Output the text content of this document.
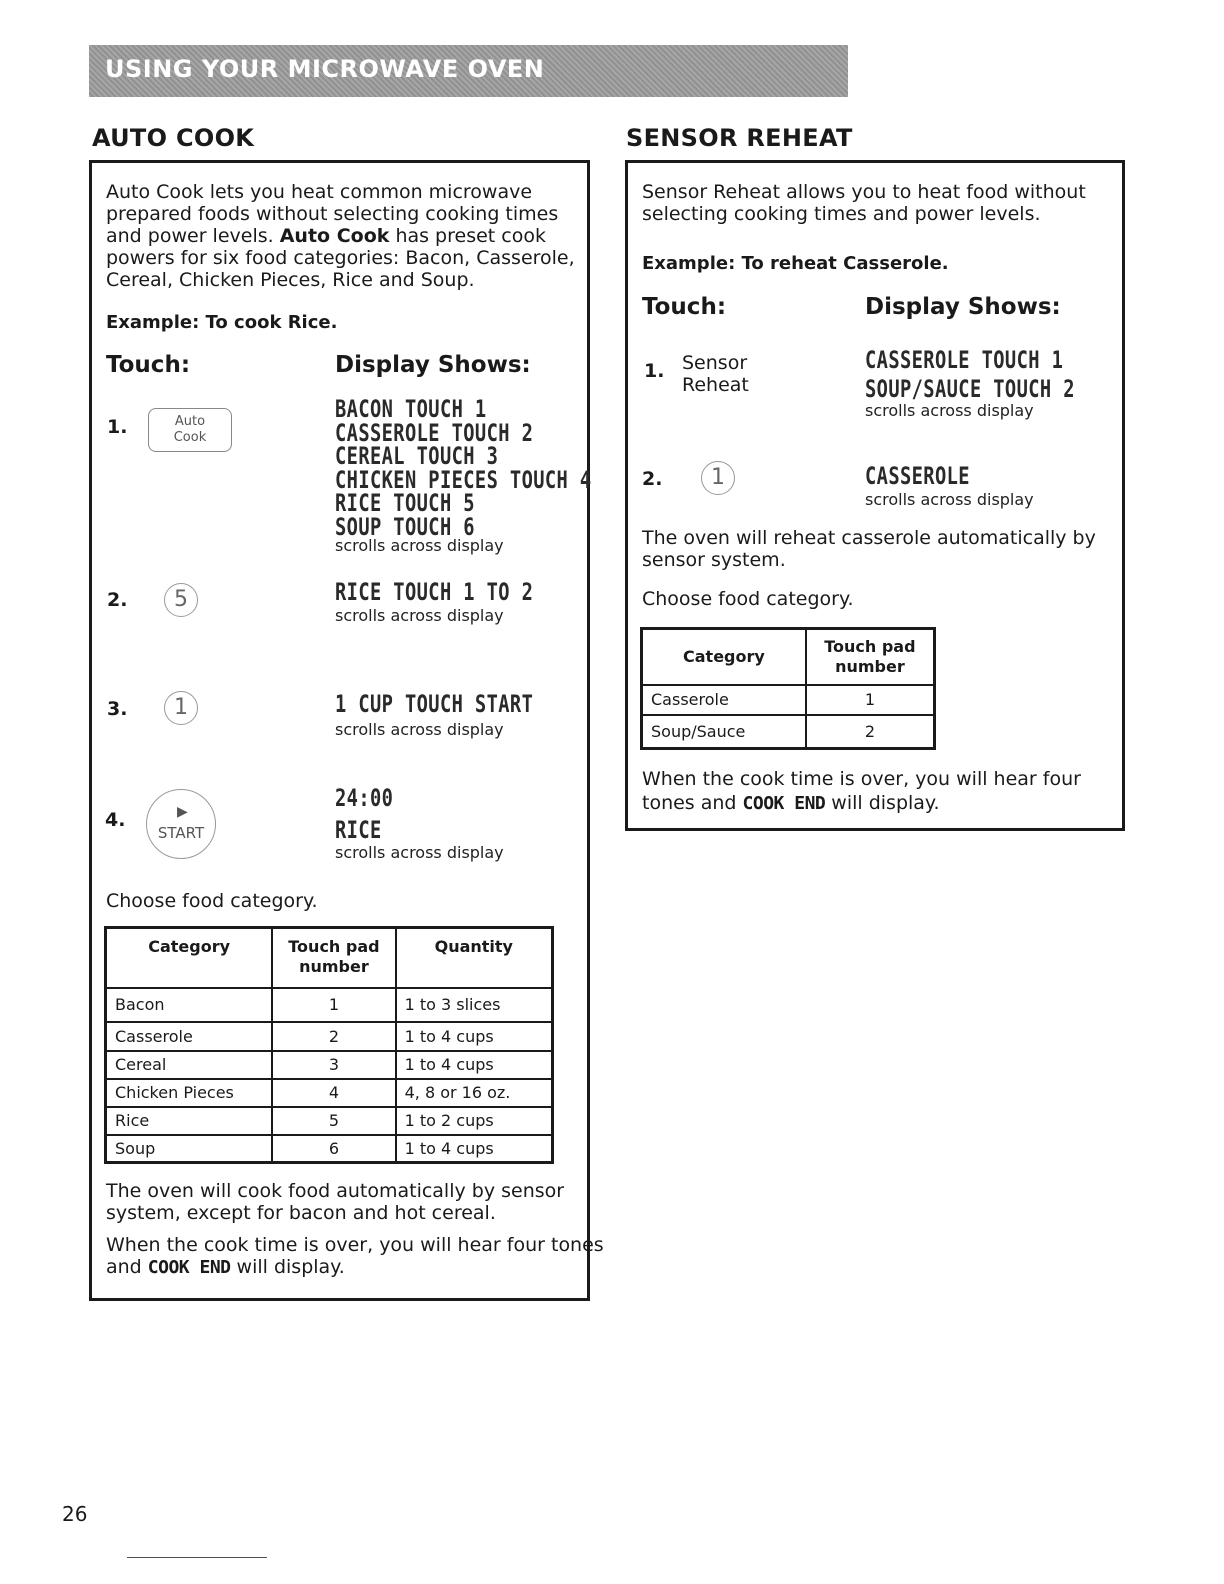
USING YOUR MICROWAVE OVEN
AUTO COOK
Auto Cook lets you heat common microwave
prepared foods without selecting cooking times
and power levels. Auto Cook has preset cook
powers for six food categories: Bacon, Casserole,
Cereal, Chicken Pieces, Rice and Soup.
Example: To cook Rice.
Touch:	Display Shows:
1.	Auto
Cook
BACON TOUCH 1
CASSEROLE TOUCH 2
CEREAL TOUCH 3
CHICKEN PIECES TOUCH 4
RICE TOUCH 5
SOUP TOUCH 6
scrolls across display
2.	5	RICE TOUCH 1 TO 2
scrolls across display
3.	1	1 CUP TOUCH START
scrolls across display
4.	▶
START
24:00
RICE
scrolls across display
Choose food category.
Category	Touch pad number	Quantity
Bacon	1	1 to 3 slices
Casserole	2	1 to 4 cups
Cereal	3	1 to 4 cups
Chicken Pieces	4	4, 8 or 16 oz.
Rice	5	1 to 2 cups
Soup	6	1 to 4 cups
The oven will cook food automatically by sensor
system, except for bacon and hot cereal.
When the cook time is over, you will hear four tones
and COOK END will display.
SENSOR REHEAT
Sensor Reheat allows you to heat food without
selecting cooking times and power levels.
Example: To reheat Casserole.
Touch:	Display Shows:
1. Sensor
Reheat
CASSEROLE TOUCH 1
SOUP/SAUCE TOUCH 2
scrolls across display
2.	1	CASSEROLE
scrolls across display
The oven will reheat casserole automatically by
sensor system.
Choose food category.
Category	Touch pad number
Casserole	1
Soup/Sauce	2
When the cook time is over, you will hear four
tones and COOK END will display.
26
